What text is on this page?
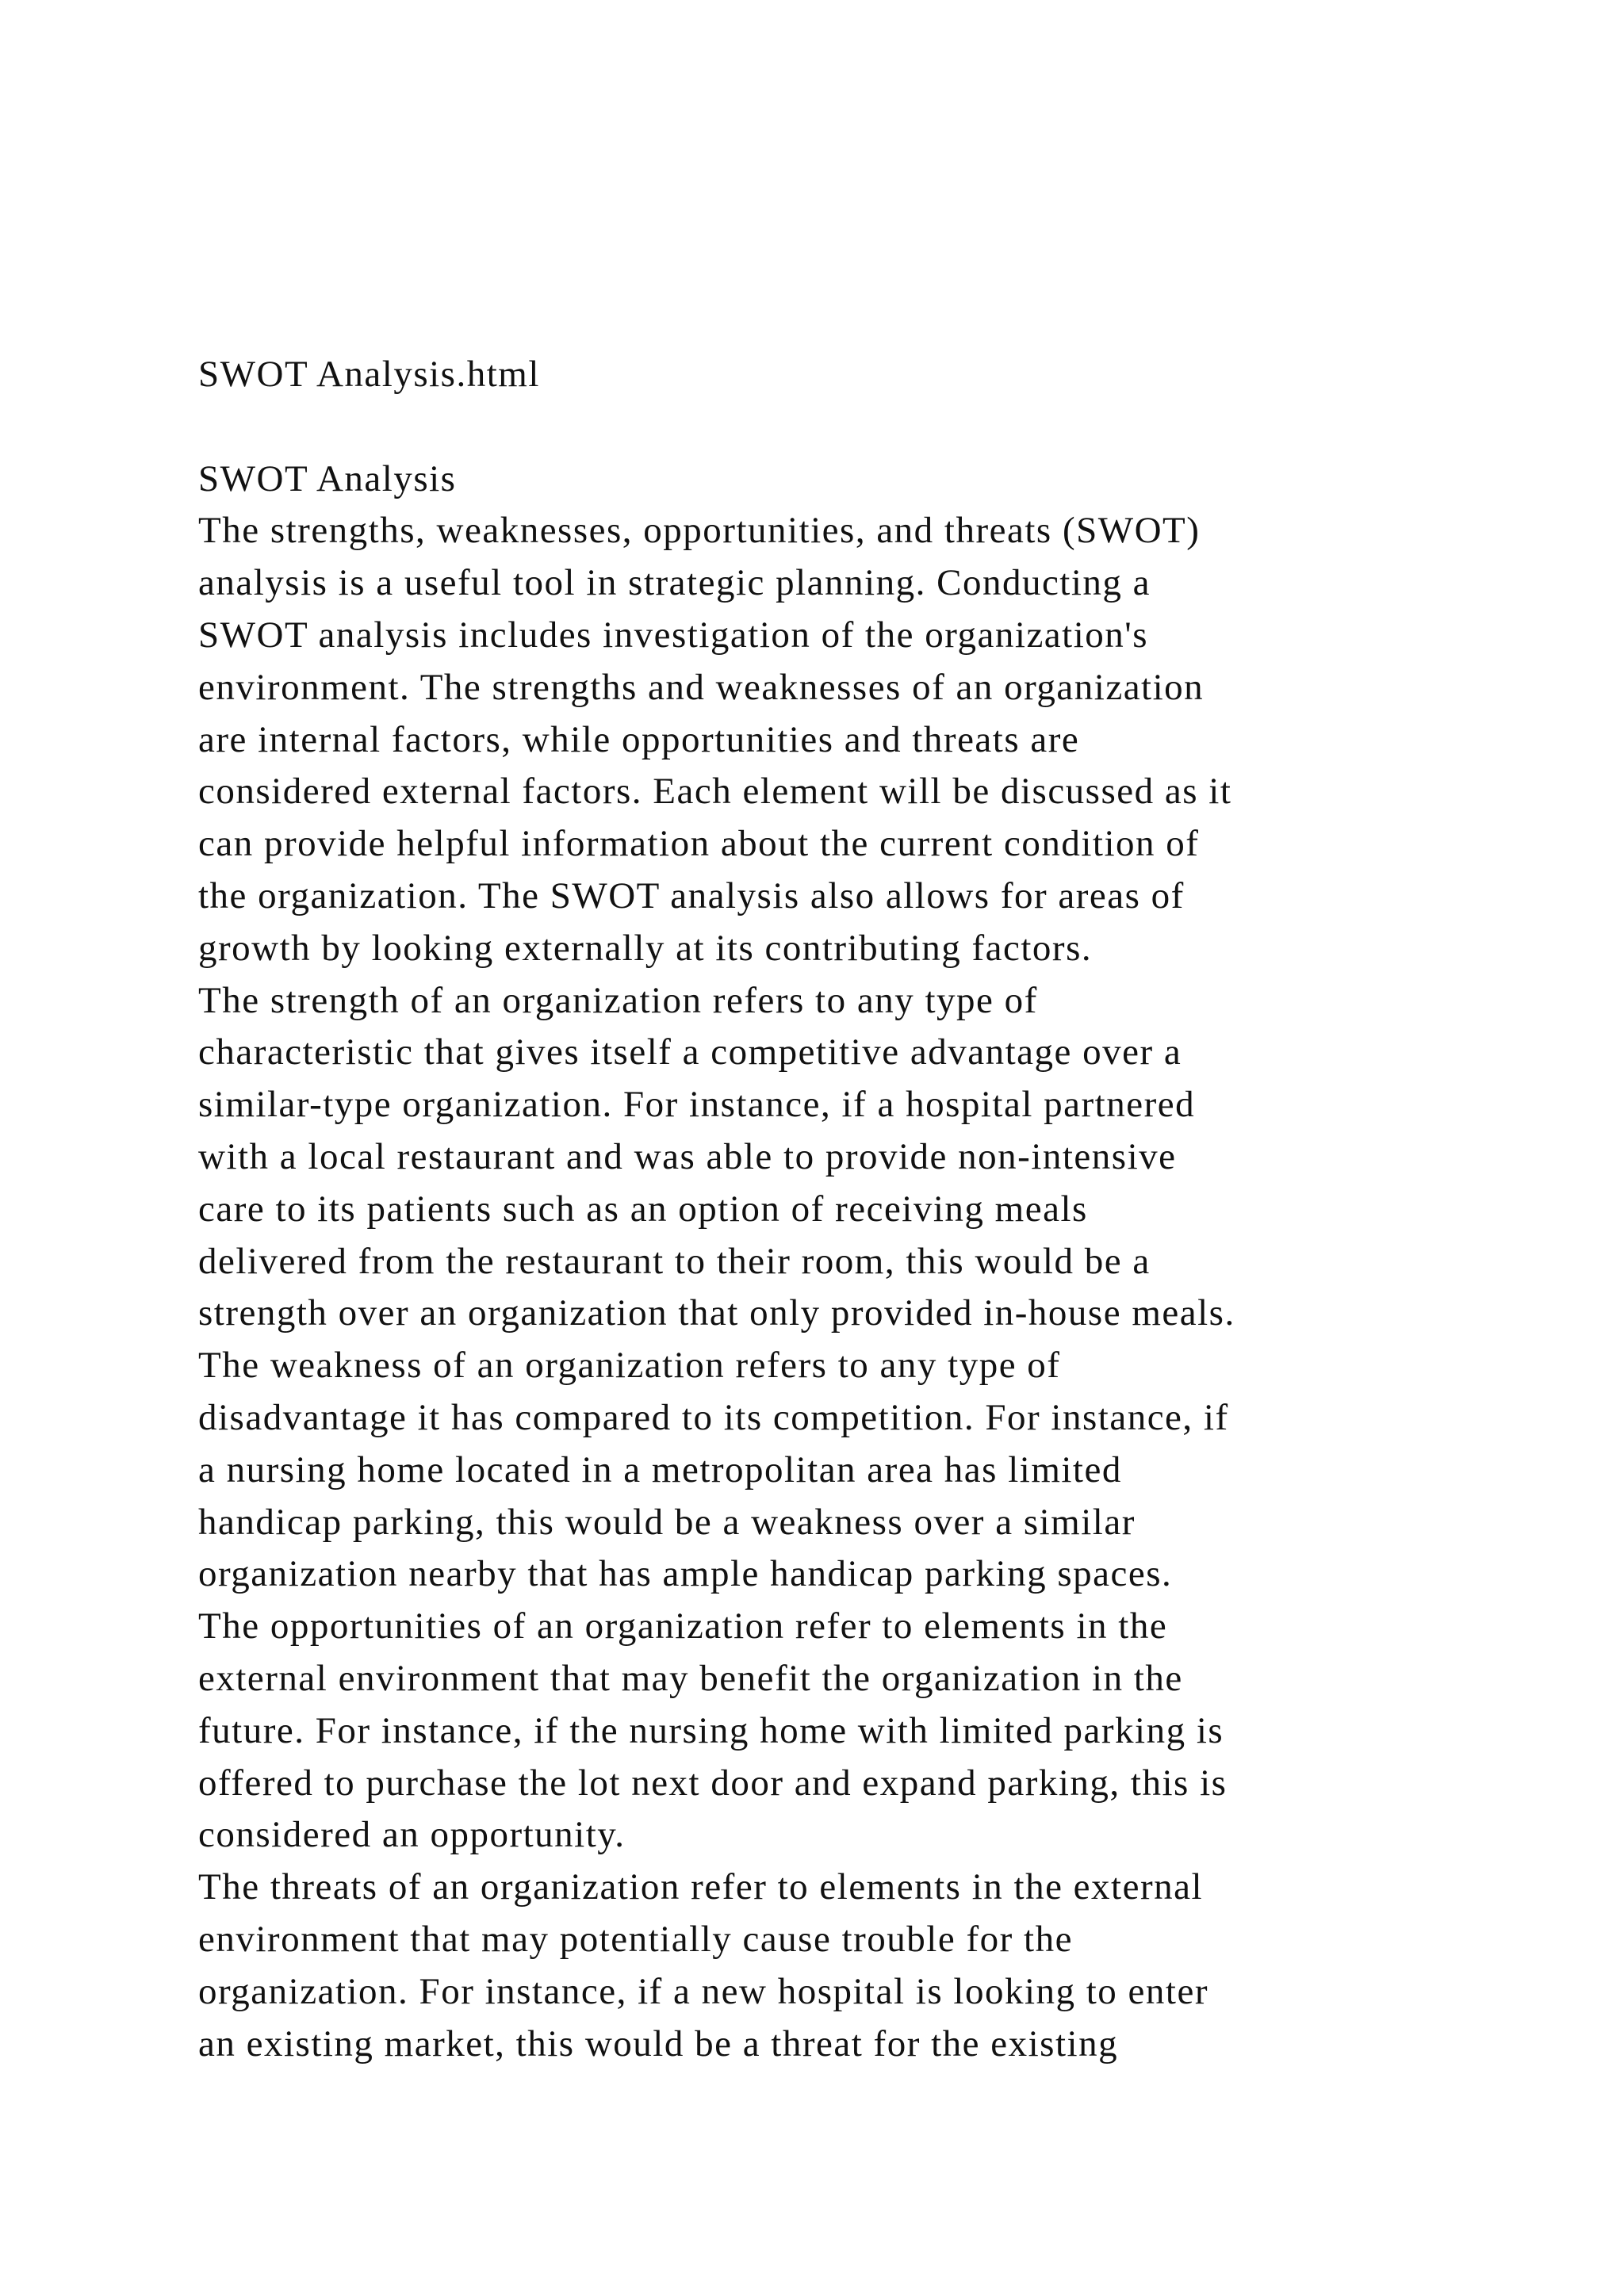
SWOT Analysis.html
SWOT Analysis
The strengths, weaknesses, opportunities, and threats (SWOT)
analysis is a useful tool in strategic planning. Conducting a
SWOT analysis includes investigation of the organization's
environment. The strengths and weaknesses of an organization
are internal factors, while opportunities and threats are
considered external factors. Each element will be discussed as it
can provide helpful information about the current condition of
the organization. The SWOT analysis also allows for areas of
growth by looking externally at its contributing factors.
The strength of an organization refers to any type of
characteristic that gives itself a competitive advantage over a
similar-type organization. For instance, if a hospital partnered
with a local restaurant and was able to provide non-intensive
care to its patients such as an option of receiving meals
delivered from the restaurant to their room, this would be a
strength over an organization that only provided in-house meals.
The weakness of an organization refers to any type of
disadvantage it has compared to its competition. For instance, if
a nursing home located in a metropolitan area has limited
handicap parking, this would be a weakness over a similar
organization nearby that has ample handicap parking spaces.
The opportunities of an organization refer to elements in the
external environment that may benefit the organization in the
future. For instance, if the nursing home with limited parking is
offered to purchase the lot next door and expand parking, this is
considered an opportunity.
The threats of an organization refer to elements in the external
environment that may potentially cause trouble for the
organization. For instance, if a new hospital is looking to enter
an existing market, this would be a threat for the existing
